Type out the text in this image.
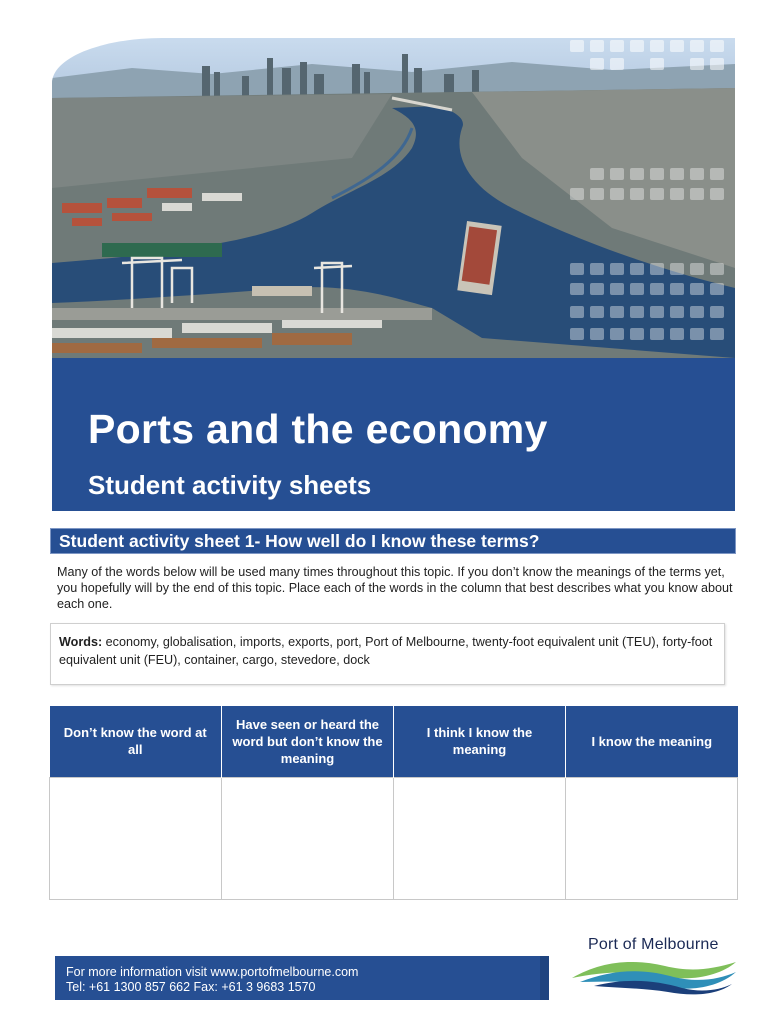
Ports and the economy
Student activity sheets
Student activity sheet 1- How well do I know these terms?

Many of the words below will be used many times throughout this topic. If you don’t know the meanings of the terms yet, you hopefully will by the end of this topic. Place each of the words in the column that best describes what you know about each one.

Words: economy, globalisation, imports, exports, port, Port of Melbourne, twenty-foot equivalent unit (TEU), forty-foot equivalent unit (FEU), container, cargo, stevedore, dock
Don’t know the word at all	Have seen or heard the word but don’t know the meaning	I think I know the meaning	I know the meaning

For more information visit www.portofmelbourne.com
Tel: +61 1300 857 662 Fax: +61 3 9683 1570
Port of Melbourne
